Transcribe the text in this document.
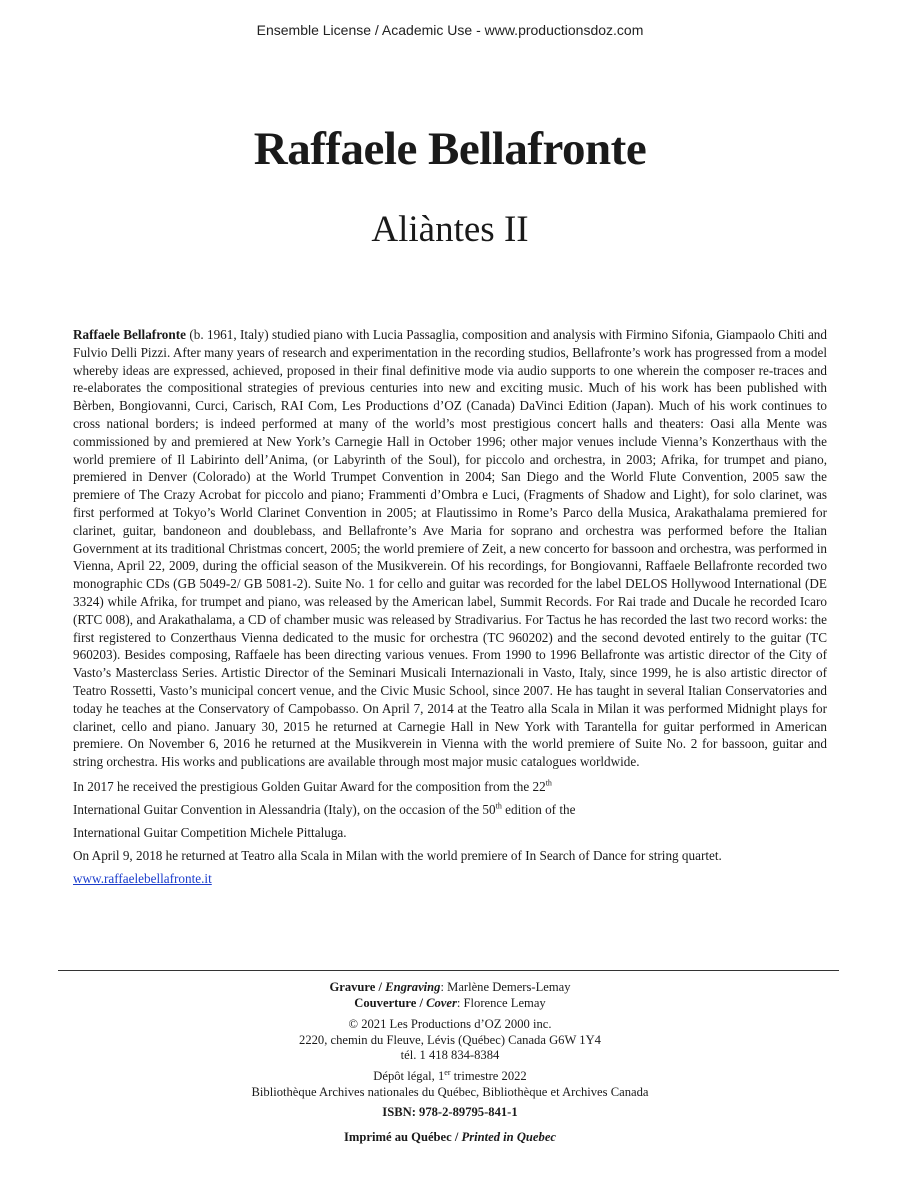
Ensemble License / Academic Use - www.productionsdoz.com
Raffaele Bellafronte
Aliàntes II

Raffaele Bellafronte (b. 1961, Italy) studied piano with Lucia Passaglia, composition and analysis with Firmino Sifonia, Giampaolo Chiti and Fulvio Delli Pizzi. After many years of research and experimentation in the recording studios, Bellafronte’s work has progressed from a model whereby ideas are expressed, achieved, proposed in their final definitive mode via audio supports to one wherein the composer re-traces and re-elaborates the compositional strategies of previous centuries into new and exciting music. Much of his work has been published with Bèrben, Bongiovanni, Curci, Carisch, RAI Com, Les Productions d’OZ (Canada) DaVinci Edition (Japan). Much of his work continues to cross national borders; is indeed performed at many of the world’s most prestigious concert halls and theaters: Oasi alla Mente was commissioned by and premiered at New York’s Carnegie Hall in October 1996; other major venues include Vienna’s Konzerthaus with the world premiere of Il Labirinto dell’Anima, (or Labyrinth of the Soul), for piccolo and orchestra, in 2003; Afrika, for trumpet and piano, premiered in Denver (Colorado) at the World Trumpet Convention in 2004; San Diego and the World Flute Convention, 2005 saw the premiere of The Crazy Acrobat for piccolo and piano; Frammenti d’Ombra e Luci, (Fragments of Shadow and Light), for solo clarinet, was first performed at Tokyo’s World Clarinet Convention in 2005; at Flautissimo in Rome’s Parco della Musica, Arakathalama premiered for clarinet, guitar, bandoneon and doublebass, and Bellafronte’s Ave Maria for soprano and orchestra was performed before the Italian Government at its traditional Christmas concert, 2005; the world premiere of Zeit, a new concerto for bassoon and orchestra, was performed in Vienna, April 22, 2009, during the official season of the Musikverein. Of his recordings, for Bongiovanni, Raffaele Bellafronte recorded two monographic CDs (GB 5049-2/ GB 5081-2). Suite No. 1 for cello and guitar was recorded for the label DELOS Hollywood International (DE 3324) while Afrika, for trumpet and piano, was released by the American label, Summit Records. For Rai trade and Ducale he recorded Icaro (RTC 008), and Arakathalama, a CD of chamber music was released by Stradivarius. For Tactus he has recorded the last two record works: the first registered to Conzerthaus Vienna dedicated to the music for orchestra (TC 960202) and the second devoted entirely to the guitar (TC 960203). Besides composing, Raffaele has been directing various venues. From 1990 to 1996 Bellafronte was artistic director of the City of Vasto’s Masterclass Series. Artistic Director of the Seminari Musicali Internazionali in Vasto, Italy, since 1999, he is also artistic director of Teatro Rossetti, Vasto’s municipal concert venue, and the Civic Music School, since 2007. He has taught in several Italian Conservatories and today he teaches at the Conservatory of Campobasso. On April 7, 2014 at the Teatro alla Scala in Milan it was performed Midnight plays for clarinet, cello and piano. January 30, 2015 he returned at Carnegie Hall in New York with Tarantella for guitar performed in American premiere. On November 6, 2016 he returned at the Musikverein in Vienna with the world premiere of Suite No. 2 for bassoon, guitar and string orchestra. His works and publications are available through most major music catalogues worldwide.

In 2017 he received the prestigious Golden Guitar Award for the composition from the 22th
International Guitar Convention in Alessandria (Italy), on the occasion of the 50th edition of the
International Guitar Competition Michele Pittaluga.
On April 9, 2018 he returned at Teatro alla Scala in Milan with the world premiere of In Search of Dance for string quartet.
www.raffaelebellafronte.it
Gravure / Engraving: Marlène Demers-Lemay
Couverture / Cover: Florence Lemay
© 2021 Les Productions d’OZ 2000 inc.
2220, chemin du Fleuve, Lévis (Québec) Canada G6W 1Y4
tél. 1 418 834-8384
Dépôt légal, 1er trimestre 2022
Bibliothèque Archives nationales du Québec, Bibliothèque et Archives Canada
ISBN: 978-2-89795-841-1
Imprimé au Québec / Printed in Quebec
